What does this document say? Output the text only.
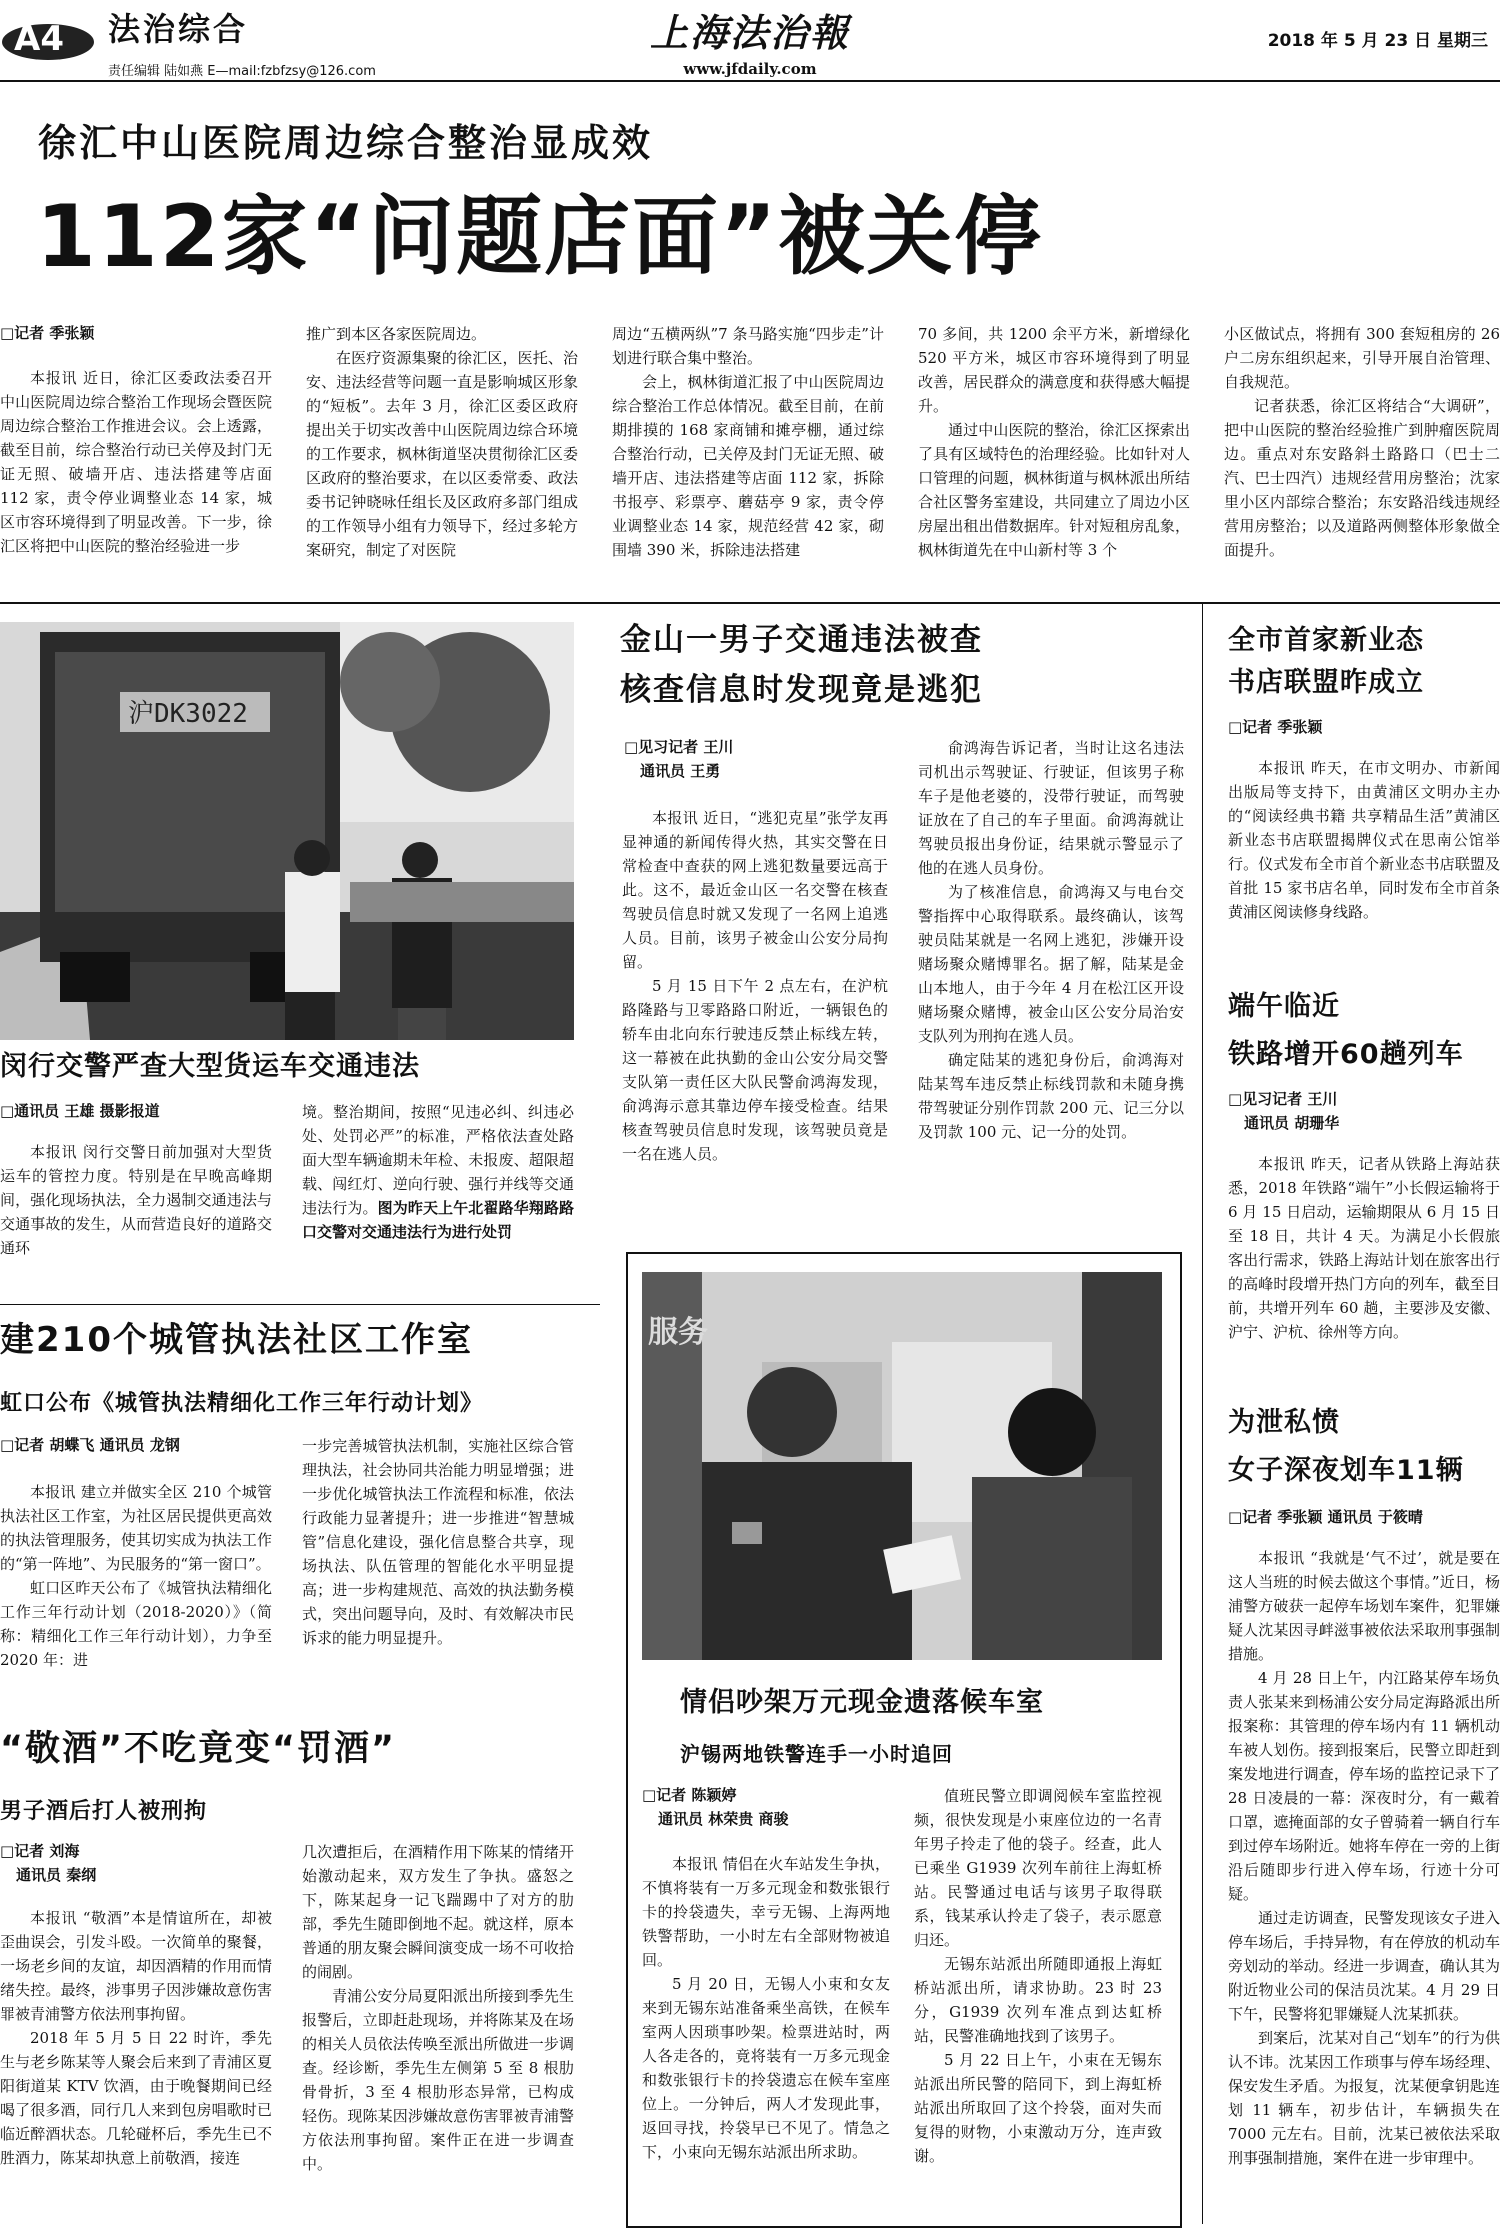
A4 法治综合
责任编辑 陆如燕 E—mail:fzbfzsy@126.com
上海法治報
www.jfdaily.com
2018 年 5 月 23 日 星期三
徐汇中山医院周边综合整治显成效
112家“问题店面”被关停
□记者 季张颖

本报讯 近日，徐汇区委政法委召开中山医院周边综合整治工作现场会暨医院周边综合整治工作推进会议。会上透露，截至目前，综合整治行动已关停及封门无证无照、破墙开店、违法搭建等店面 112 家，责令停业调整业态 14 家，城区市容环境得到了明显改善。下一步，徐汇区将把中山医院的整治经验进一步

推广到本区各家医院周边。

在医疗资源集聚的徐汇区，医托、治安、违法经营等问题一直是影响城区形象的“短板”。去年 3 月，徐汇区委区政府提出关于切实改善中山医院周边综合环境的工作要求，枫林街道坚决贯彻徐汇区委区政府的整治要求，在以区委常委、政法委书记钟晓咏任组长及区政府多部门组成的工作领导小组有力领导下，经过多轮方案研究，制定了对医院

周边“五横两纵”7 条马路实施“四步走”计划进行联合集中整治。

会上，枫林街道汇报了中山医院周边综合整治工作总体情况。截至目前，在前期排摸的 168 家商铺和摊亭棚，通过综合整治行动，已关停及封门无证无照、破墙开店、违法搭建等店面 112 家，拆除书报亭、彩票亭、蘑菇亭 9 家，责令停业调整业态 14 家，规范经营 42 家，砌围墙 390 米，拆除违法搭建

70 多间，共 1200 余平方米，新增绿化 520 平方米，城区市容环境得到了明显改善，居民群众的满意度和获得感大幅提升。

通过中山医院的整治，徐汇区探索出了具有区域特色的治理经验。比如针对人口管理的问题，枫林街道与枫林派出所结合社区警务室建设，共同建立了周边小区房屋出租出借数据库。针对短租房乱象，枫林街道先在中山新村等 3 个

小区做试点，将拥有 300 套短租房的 26 户二房东组织起来，引导开展自治管理、自我规范。

记者获悉，徐汇区将结合“大调研”，把中山医院的整治经验推广到肿瘤医院周边。重点对东安路斜土路路口（巴士二汽、巴士四汽）违规经营用房整治；沈家里小区内部综合整治；东安路沿线违规经营用房整治；以及道路两侧整体形象做全面提升。

沪DK3022
闵行交警严查大型货运车交通违法
□通讯员 王雄 摄影报道

本报讯 闵行交警日前加强对大型货运车的管控力度。特别是在早晚高峰期间，强化现场执法，全力遏制交通违法与交通事故的发生，从而营造良好的道路交通环

境。整治期间，按照“见违必纠、纠违必处、处罚必严”的标准，严格依法查处路面大型车辆逾期未年检、未报废、超限超载、闯红灯、逆向行驶、强行并线等交通违法行为。

图为昨天上午北翟路华翔路路口交警对交通违法行为进行处罚
金山一男子交通违法被查
核查信息时发现竟是逃犯
□见习记者 王川
通讯员 王勇

本报讯 近日，“逃犯克星”张学友再显神通的新闻传得火热，其实交警在日常检查中查获的网上逃犯数量要远高于此。这不，最近金山区一名交警在核查驾驶员信息时就又发现了一名网上追逃人员。目前，该男子被金山公安分局拘留。

5 月 15 日下午 2 点左右，在沪杭路隆路与卫零路路口附近，一辆银色的轿车由北向东行驶违反禁止标线左转，这一幕被在此执勤的金山公安分局交警支队第一责任区大队民警俞鸿海发现，俞鸿海示意其靠边停车接受检查。结果核查驾驶员信息时发现，该驾驶员竟是一名在逃人员。

俞鸿海告诉记者，当时让这名违法司机出示驾驶证、行驶证，但该男子称车子是他老婆的，没带行驶证，而驾驶证放在了自己的车子里面。俞鸿海就让驾驶员报出身份证，结果就示警显示了他的在逃人员身份。

为了核准信息，俞鸿海又与电台交警指挥中心取得联系。最终确认，该驾驶员陆某就是一名网上逃犯，涉嫌开设赌场聚众赌博罪名。据了解，陆某是金山本地人，由于今年 4 月在松江区开设赌场聚众赌博，被金山区公安分局治安支队列为刑拘在逃人员。

确定陆某的逃犯身份后，俞鸿海对陆某驾车违反禁止标线罚款和未随身携带驾驶证分别作罚款 200 元、记三分以及罚款 100 元、记一分的处罚。

全市首家新业态
书店联盟昨成立
□记者 季张颖

本报讯 昨天，在市文明办、市新闻出版局等支持下，由黄浦区文明办主办的“阅读经典书籍 共享精品生活”黄浦区新业态书店联盟揭牌仪式在思南公馆举行。仪式发布全市首个新业态书店联盟及首批 15 家书店名单，同时发布全市首条黄浦区阅读修身线路。

端午临近
铁路增开60趟列车
□见习记者 王川
通讯员 胡珊华

本报讯 昨天，记者从铁路上海站获悉，2018 年铁路“端午”小长假运输将于 6 月 15 日启动，运输期限从 6 月 15 日至 18 日，共计 4 天。为满足小长假旅客出行需求，铁路上海站计划在旅客出行的高峰时段增开热门方向的列车，截至目前，共增开列车 60 趟，主要涉及安徽、沪宁、沪杭、徐州等方向。

为泄私愤
女子深夜划车11辆
□记者 季张颖 通讯员 于筱晴

本报讯 “我就是‘气不过’，就是要在这人当班的时候去做这个事情。”近日，杨浦警方破获一起停车场划车案件，犯罪嫌疑人沈某因寻衅滋事被依法采取刑事强制措施。

4 月 28 日上午，内江路某停车场负责人张某来到杨浦公安分局定海路派出所报案称：其管理的停车场内有 11 辆机动车被人划伤。接到报案后，民警立即赶到案发地进行调查，停车场的监控记录下了 28 日凌晨的一幕：深夜时分，有一戴着口罩，遮掩面部的女子曾骑着一辆自行车到过停车场附近。她将车停在一旁的上街沿后随即步行进入停车场，行迹十分可疑。

通过走访调查，民警发现该女子进入停车场后，手持异物，有在停放的机动车旁划动的举动。经进一步调查，确认其为附近物业公司的保洁员沈某。4 月 29 日下午，民警将犯罪嫌疑人沈某抓获。

到案后，沈某对自己“划车”的行为供认不讳。沈某因工作琐事与停车场经理、保安发生矛盾。为报复，沈某便拿钥匙连划 11 辆车，初步估计，车辆损失在 7000 元左右。目前，沈某已被依法采取刑事强制措施，案件在进一步审理中。

建210个城管执法社区工作室
虹口公布《城管执法精细化工作三年行动计划》
□记者 胡蝶飞 通讯员 龙钢

本报讯 建立并做实全区 210 个城管执法社区工作室，为社区居民提供更高效的执法管理服务，使其切实成为执法工作的“第一阵地”、为民服务的“第一窗口”。

虹口区昨天公布了《城管执法精细化工作三年行动计划（2018-2020）》（简称：精细化工作三年行动计划），力争至 2020 年：进

一步完善城管执法机制，实施社区综合管理执法，社会协同共治能力明显增强；进一步优化城管执法工作流程和标准，依法行政能力显著提升；进一步推进“智慧城管”信息化建设，强化信息整合共享，现场执法、队伍管理的智能化水平明显提高；进一步构建规范、高效的执法勤务模式，突出问题导向，及时、有效解决市民诉求的能力明显提升。

“敬酒”不吃竟变“罚酒”
男子酒后打人被刑拘
□记者 刘海
通讯员 秦纲

本报讯 “敬酒”本是情谊所在，却被歪曲误会，引发斗殴。一次简单的聚餐，一场老乡间的友谊，却因酒精的作用而情绪失控。最终，涉事男子因涉嫌故意伤害罪被青浦警方依法刑事拘留。

2018 年 5 月 5 日 22 时许，季先生与老乡陈某等人聚会后来到了青浦区夏阳街道某 KTV 饮酒，由于晚餐期间已经喝了很多酒，同行几人来到包房唱歌时已临近醉酒状态。几轮碰杯后，季先生已不胜酒力，陈某却执意上前敬酒，接连

几次遭拒后，在酒精作用下陈某的情绪开始激动起来，双方发生了争执。盛怒之下，陈某起身一记飞踹踢中了对方的肋部，季先生随即倒地不起。就这样，原本普通的朋友聚会瞬间演变成一场不可收拾的闹剧。

青浦公安分局夏阳派出所接到季先生报警后，立即赶赴现场，并将陈某及在场的相关人员依法传唤至派出所做进一步调查。经诊断，季先生左侧第 5 至 8 根肋骨骨折，3 至 4 根肋形态异常，已构成轻伤。现陈某因涉嫌故意伤害罪被青浦警方依法刑事拘留。案件正在进一步调查中。

服务
情侣吵架万元现金遗落候车室
沪锡两地铁警连手一小时追回
□记者 陈颖婷
通讯员 林荣贵 商骏

本报讯 情侣在火车站发生争执，不慎将装有一万多元现金和数张银行卡的拎袋遗失，幸亏无锡、上海两地铁警帮助，一小时左右全部财物被追回。

5 月 20 日，无锡人小束和女友来到无锡东站准备乘坐高铁，在候车室两人因琐事吵架。检票进站时，两人各走各的，竟将装有一万多元现金和数张银行卡的拎袋遗忘在候车室座位上。一分钟后，两人才发现此事，返回寻找，拎袋早已不见了。情急之下，小束向无锡东站派出所求助。

值班民警立即调阅候车室监控视频，很快发现是小束座位边的一名青年男子拎走了他的袋子。经查，此人已乘坐 G1939 次列车前往上海虹桥站。民警通过电话与该男子取得联系，钱某承认拎走了袋子，表示愿意归还。

无锡东站派出所随即通报上海虹桥站派出所，请求协助。23 时 23 分，G1939 次列车准点到达虹桥站，民警准确地找到了该男子。

5 月 22 日上午，小束在无锡东站派出所民警的陪同下，到上海虹桥站派出所取回了这个拎袋，面对失而复得的财物，小束激动万分，连声致谢。
